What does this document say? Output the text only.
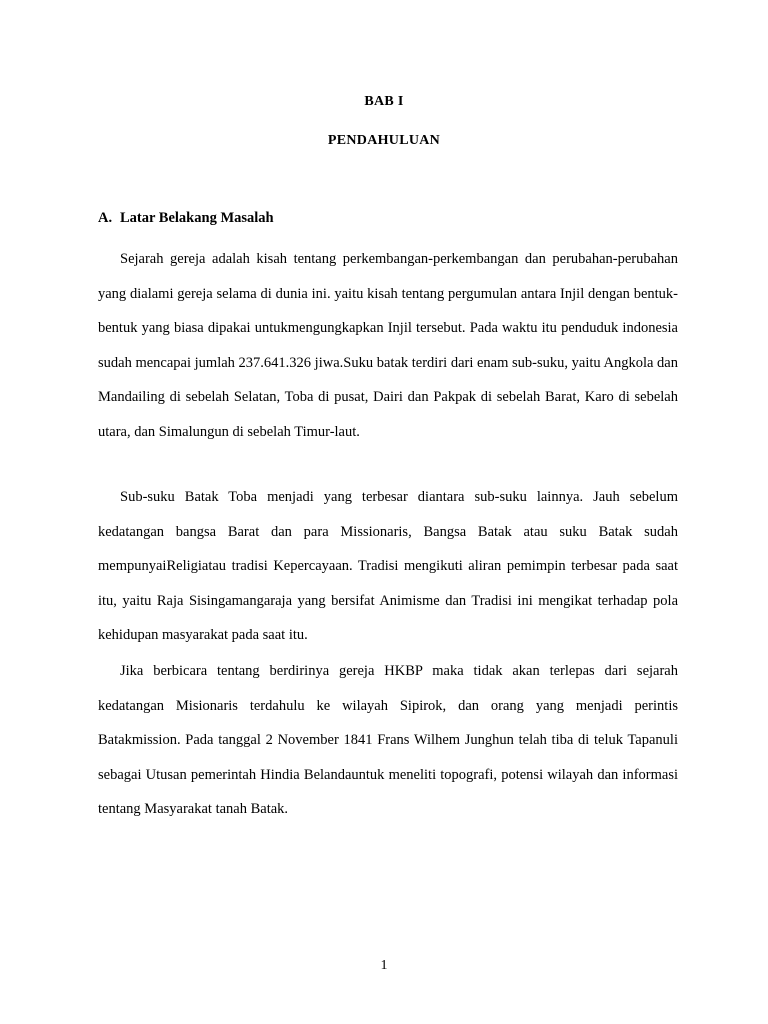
BAB I
PENDAHULUAN
A. Latar Belakang Masalah

Sejarah gereja adalah kisah tentang perkembangan-perkembangan dan perubahan-perubahan yang dialami gereja selama di dunia ini. yaitu kisah tentang pergumulan antara Injil dengan bentuk-bentuk yang biasa dipakai untukmengungkapkan Injil tersebut. Pada waktu itu penduduk indonesia sudah mencapai jumlah 237.641.326 jiwa.Suku batak terdiri dari enam sub-suku, yaitu Angkola dan Mandailing di sebelah Selatan, Toba di pusat, Dairi dan Pakpak di sebelah Barat, Karo di sebelah utara, dan Simalungun di sebelah Timur-laut.

Sub-suku Batak Toba menjadi yang terbesar diantara sub-suku lainnya. Jauh sebelum kedatangan bangsa Barat dan para Missionaris, Bangsa Batak atau suku Batak sudah mempunyaiReligiatau tradisi Kepercayaan. Tradisi mengikuti aliran pemimpin terbesar pada saat itu, yaitu Raja Sisingamangaraja yang bersifat Animisme dan Tradisi ini mengikat terhadap pola kehidupan masyarakat pada saat itu.

Jika berbicara tentang berdirinya gereja HKBP maka tidak akan terlepas dari sejarah kedatangan Misionaris terdahulu ke wilayah Sipirok, dan orang yang menjadi perintis Batakmission. Pada tanggal 2 November 1841 Frans Wilhem Junghun telah tiba di teluk Tapanuli sebagai Utusan pemerintah Hindia Belandauntuk meneliti topografi, potensi wilayah dan informasi tentang Masyarakat tanah Batak.

1
